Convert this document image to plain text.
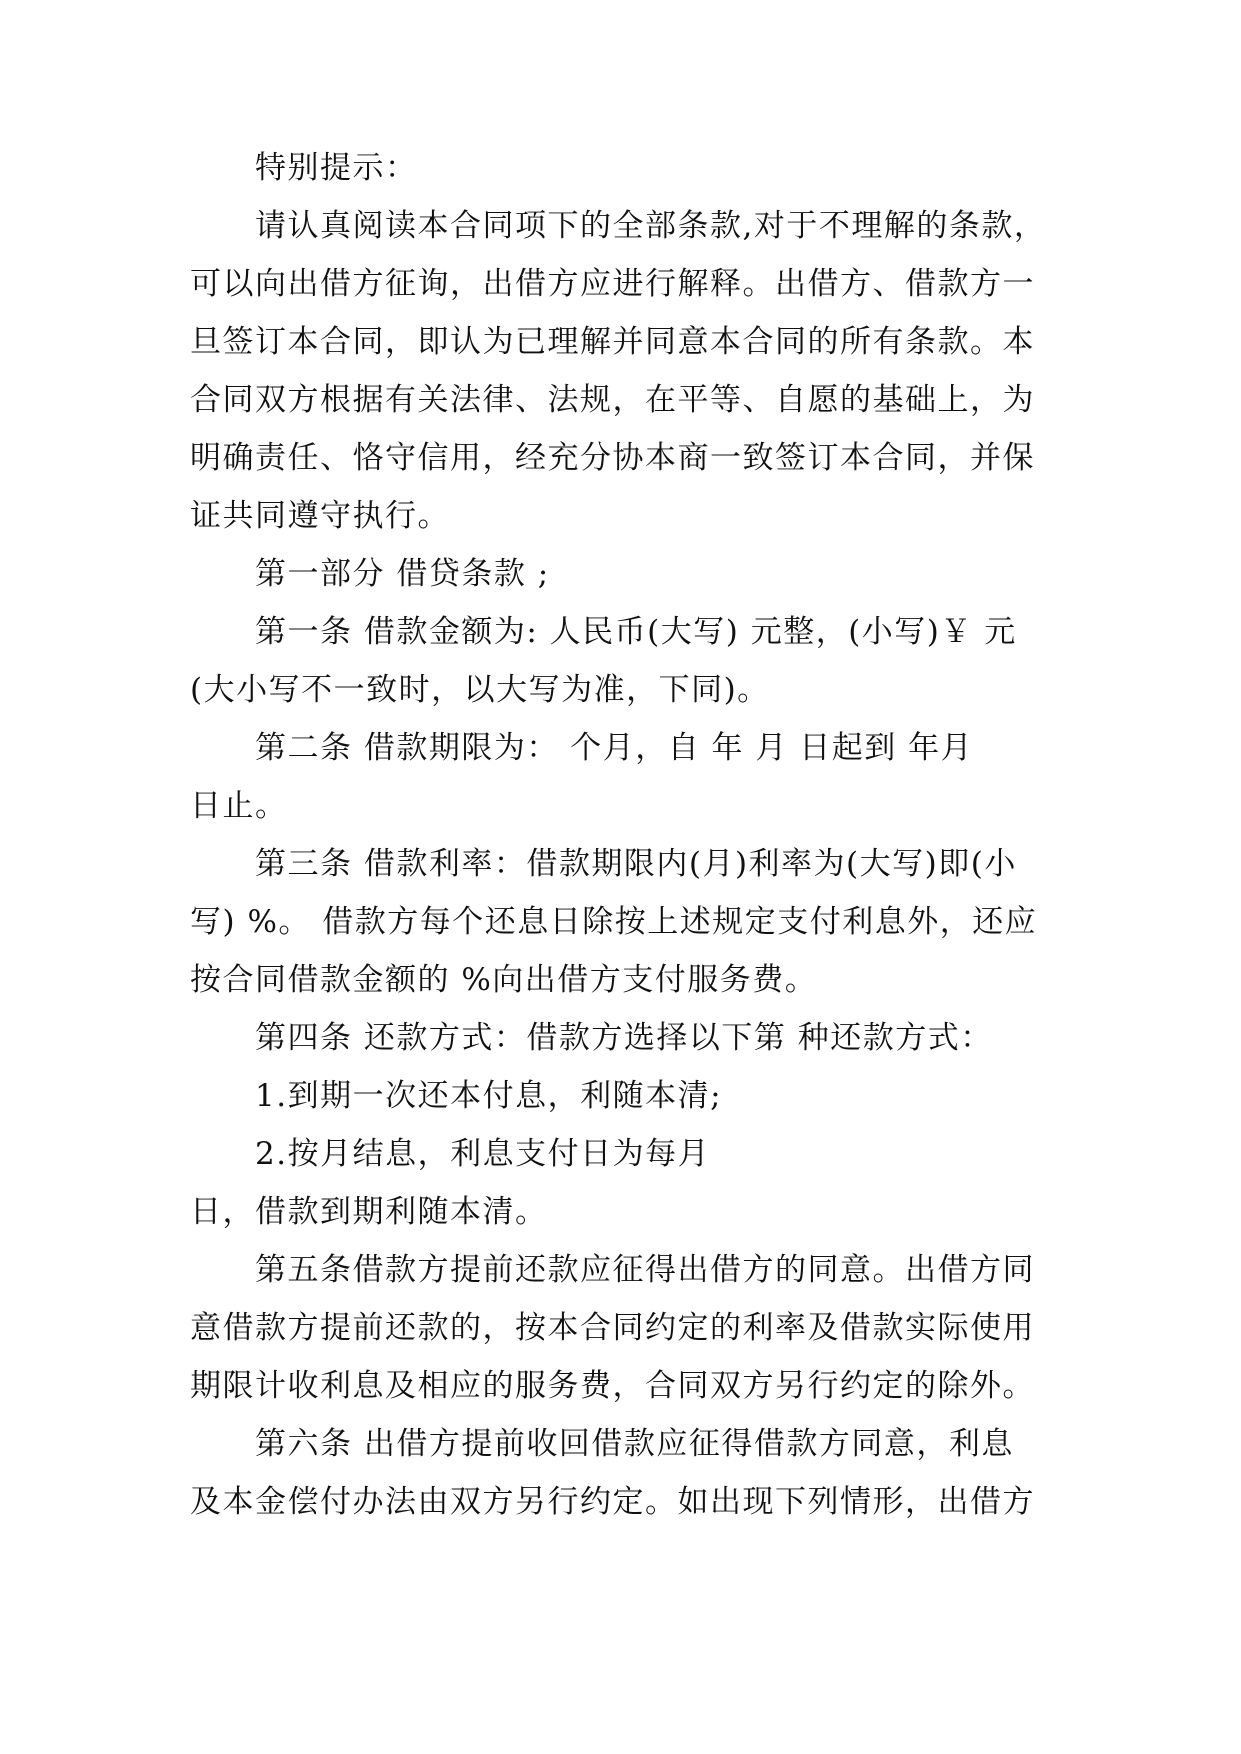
特别提示：
请认真阅读本合同项下的全部条款,对于不理解的条款，
可以向出借方征询，出借方应进行解释。出借方、借款方一
旦签订本合同，即认为已理解并同意本合同的所有条款。本
合同双方根据有关法律、法规，在平等、自愿的基础上，为
明确责任、恪守信用，经充分协本商一致签订本合同，并保
证共同遵守执行。
第一部分 借贷条款 ;
第一条 借款金额为: 人民币(大写) 元整，(小写)￥ 元
(大小写不一致时，以大写为准，下同)。
第二条 借款期限为： 个月，自 年 月 日起到 年月
日止。
第三条 借款利率：借款期限内(月)利率为(大写)即(小
写) %。 借款方每个还息日除按上述规定支付利息外，还应
按合同借款金额的 %向出借方支付服务费。
第四条 还款方式：借款方选择以下第 种还款方式：
1.到期一次还本付息，利随本清;
2.按月结息，利息支付日为每月
日，借款到期利随本清。
第五条借款方提前还款应征得出借方的同意。出借方同
意借款方提前还款的，按本合同约定的利率及借款实际使用
期限计收利息及相应的服务费，合同双方另行约定的除外。
第六条 出借方提前收回借款应征得借款方同意，利息
及本金偿付办法由双方另行约定。如出现下列情形，出借方
